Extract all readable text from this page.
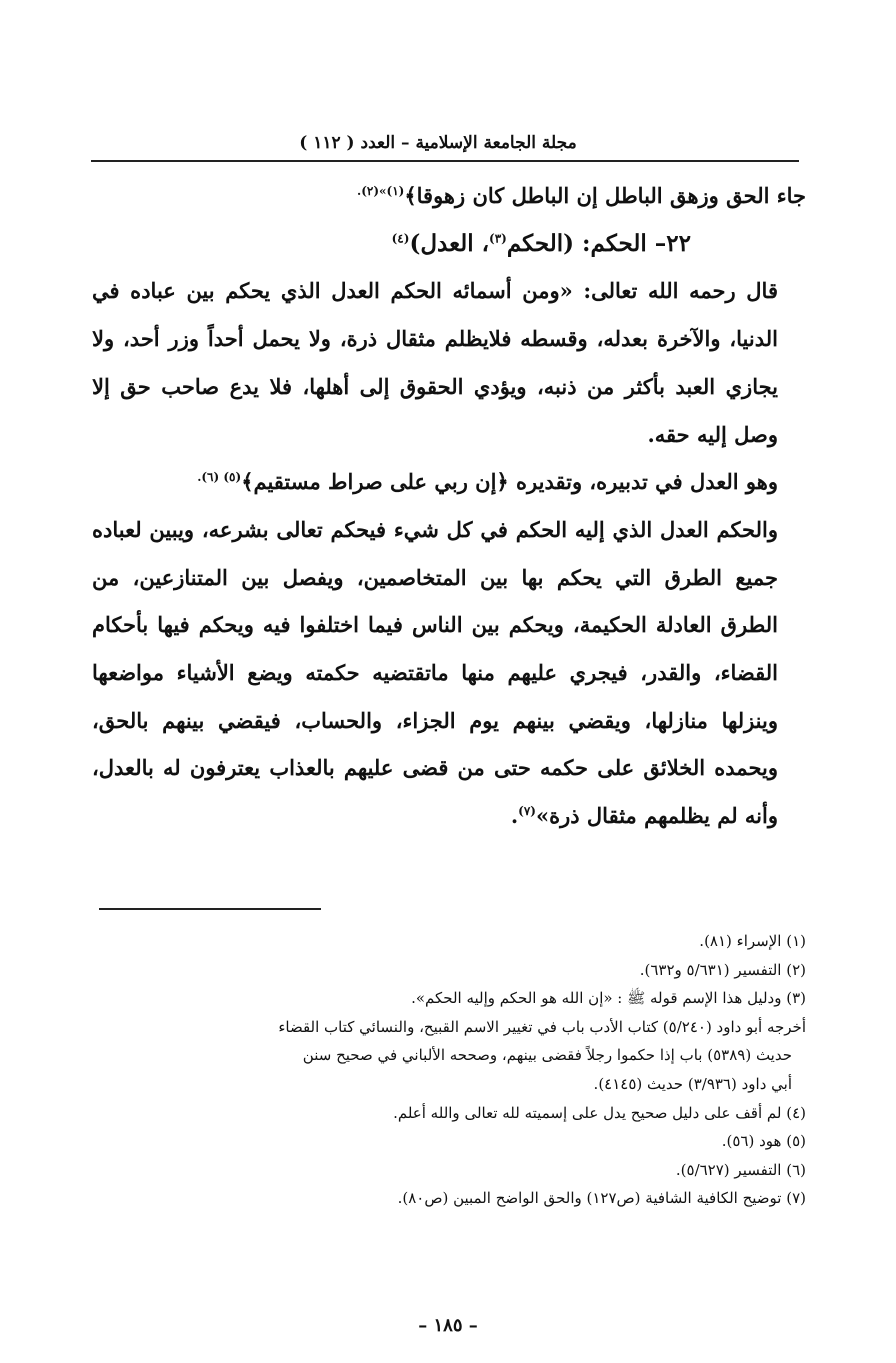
مجلة الجامعة الإسلامية – العدد ( ١١٢ )

جاء الحق وزهق الباطل إن الباطل كان زهوقا﴾$^{(١)»(٢).}$

٢٢– الحكم: (الحكم$^{(٣)}$، العدل)$^{(٤)}$

قال رحمه الله تعالى: «ومن أسمائه الحكم العدل الذي يحكم بين عباده في الدنيا، والآخرة بعدله، وقسطه فلايظلم مثقال ذرة، ولا يحمل أحداً وزر أحد، ولا يجازي العبد بأكثر من ذنبه، ويؤدي الحقوق إلى أهلها، فلا يدع صاحب حق إلا وصل إليه حقه.

وهو العدل في تدبيره، وتقديره ﴿إن ربي على صراط مستقيم﴾$^{(٥) (٦).}$

والحكم العدل الذي إليه الحكم في كل شيء فيحكم تعالى بشرعه، ويبين لعباده جميع الطرق التي يحكم بها بين المتخاصمين، ويفصل بين المتنازعين، من الطرق العادلة الحكيمة، ويحكم بين الناس فيما اختلفوا فيه ويحكم فيها بأحكام القضاء، والقدر، فيجري عليهم منها ماتقتضيه حكمته ويضع الأشياء مواضعها وينزلها منازلها، ويقضي بينهم يوم الجزاء، والحساب، فيقضي بينهم بالحق، ويحمده الخلائق على حكمه حتى من قضى عليهم بالعذاب يعترفون له بالعدل، وأنه لم يظلمهم مثقال ذرة»$^{(٧)}$.

(١) الإسراء (٨١).
(٢) التفسير (٥/٦٣١ و٦٣٢).
(٣) ودليل هذا الإسم قوله ﷺ : «إن الله هو الحكم وإليه الحكم».
أخرجه أبو داود (٥/٢٤٠) كتاب الأدب باب في تغيير الاسم القبيح، والنسائي كتاب القضاء
حديث (٥٣٨٩) باب إذا حكموا رجلاً فقضى بينهم، وصححه الألباني في صحيح سنن
أبي داود (٣/٩٣٦) حديث (٤١٤٥).
(٤) لم أقف على دليل صحيح يدل على إسميته لله تعالى والله أعلم.
(٥) هود (٥٦).
(٦) التفسير (٥/٦٢٧).
(٧) توضيح الكافية الشافية (ص١٢٧) والحق الواضح المبين (ص٨٠).
– ١٨٥ –
